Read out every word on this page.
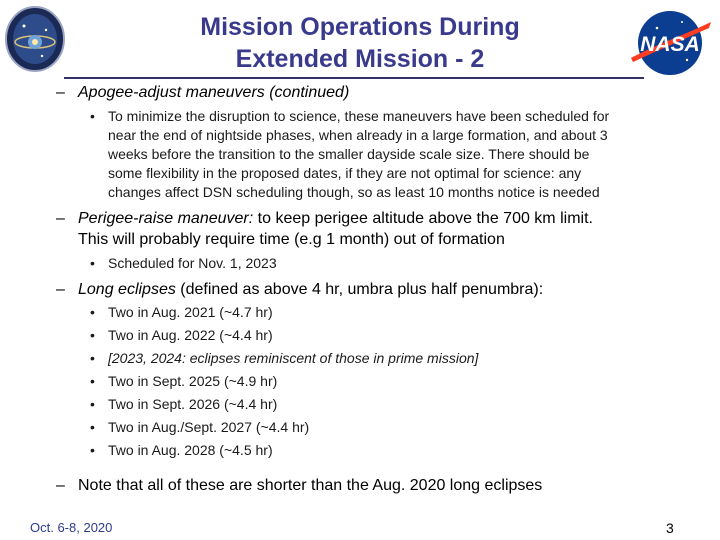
NASA
Mission Operations During
Extended Mission - 2
– Apogee-adjust maneuvers (continued)
• To minimize the disruption to science, these maneuvers have been scheduled for
near the end of nightside phases, when already in a large formation, and about 3
weeks before the transition to the smaller dayside scale size. There should be
some flexibility in the proposed dates, if they are not optimal for science: any
changes affect DSN scheduling though, so as least 10 months notice is needed
– Perigee-raise maneuver: to keep perigee altitude above the 700 km limit.
This will probably require time (e.g 1 month) out of formation
• Scheduled for Nov. 1, 2023
– Long eclipses (defined as above 4 hr, umbra plus half penumbra):
• Two in Aug. 2021 (~4.7 hr)
• Two in Aug. 2022 (~4.4 hr)
• [2023, 2024: eclipses reminiscent of those in prime mission]
• Two in Sept. 2025 (~4.9 hr)
• Two in Sept. 2026 (~4.4 hr)
• Two in Aug./Sept. 2027 (~4.4 hr)
• Two in Aug. 2028 (~4.5 hr)
– Note that all of these are shorter than the Aug. 2020 long eclipses
Oct. 6-8, 2020	3
